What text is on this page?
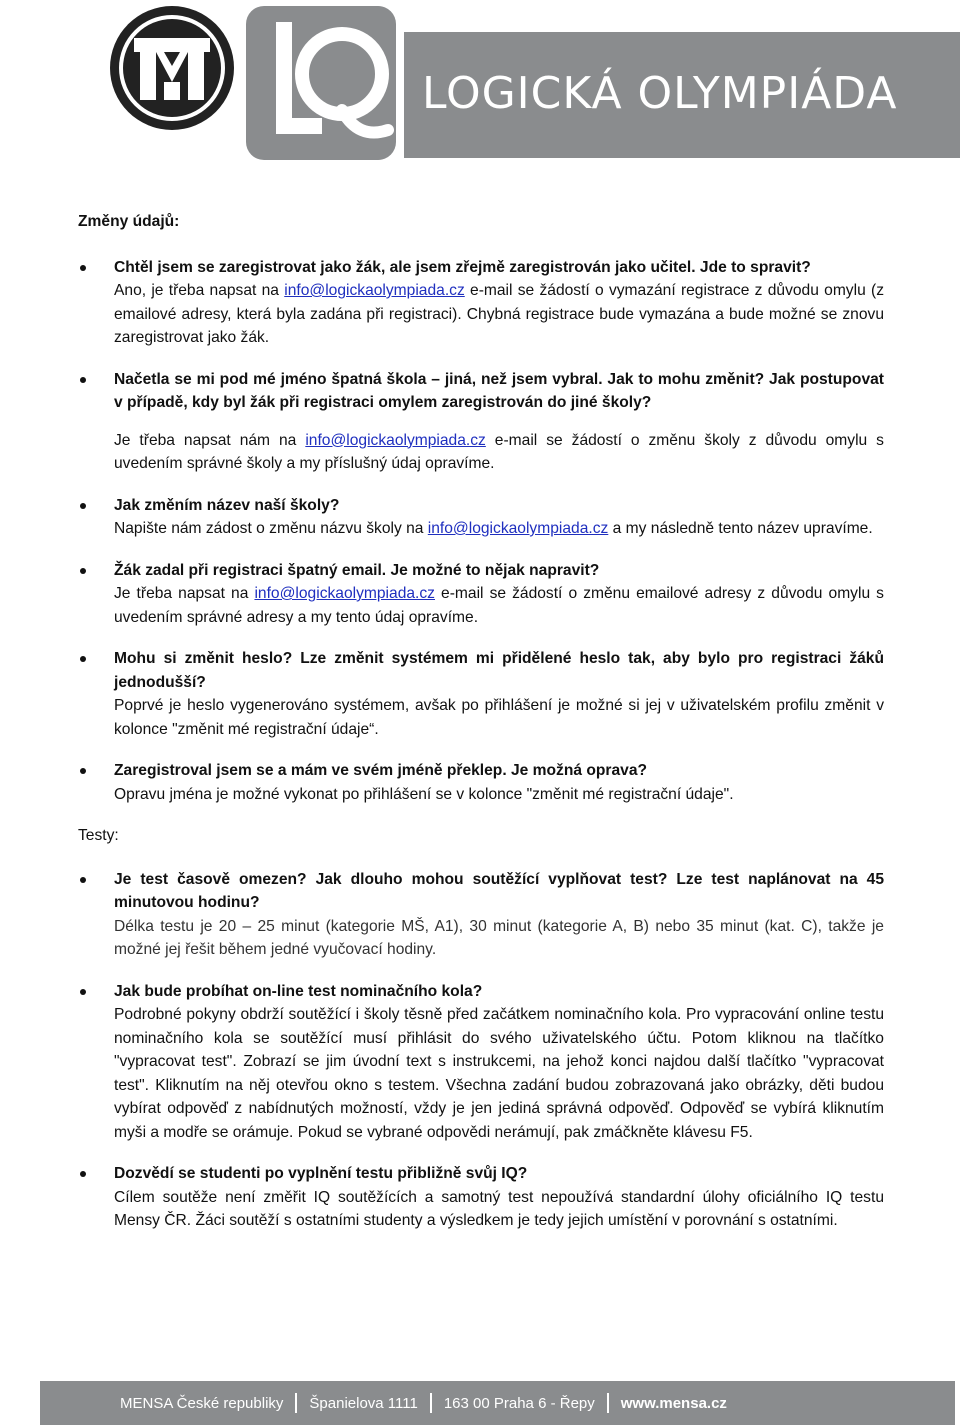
LOGICKÁ OLYMPIÁDA
Změny údajů:
Chtěl jsem se zaregistrovat jako žák, ale jsem zřejmě zaregistrován jako učitel. Jde to spravit?
Ano, je třeba napsat na info@logickaolympiada.cz e-mail se žádostí o vymazání registrace z důvodu omylu (z emailové adresy, která byla zadána při registraci). Chybná registrace bude vymazána a bude možné se znovu zaregistrovat jako žák.
Načetla se mi pod mé jméno špatná škola – jiná, než jsem vybral. Jak to mohu změnit? Jak postupovat v případě, kdy byl žák při registraci omylem zaregistrován do jiné školy?
Je třeba napsat nám na info@logickaolympiada.cz e-mail se žádostí o změnu školy z důvodu omylu s uvedením správné školy a my příslušný údaj opravíme.
Jak změním název naší školy?
Napište nám zádost o změnu názvu školy na info@logickaolympiada.cz a my následně tento název upravíme.
Žák zadal při registraci špatný email. Je možné to nějak napravit?
Je třeba napsat na info@logickaolympiada.cz e-mail se žádostí o změnu emailové adresy z důvodu omylu s uvedením správné adresy a my tento údaj opravíme.
Mohu si změnit heslo? Lze změnit systémem mi přidělené heslo tak, aby bylo pro registraci žáků jednodušší?
Poprvé je heslo vygenerováno systémem, avšak po přihlášení je možné si jej v uživatelském profilu změnit v kolonce "změnit mé registrační údaje“.
Zaregistroval jsem se a mám ve svém jméně překlep. Je možná oprava?
Opravu jména je možné vykonat po přihlášení se v kolonce "změnit mé registrační údaje".
Testy:
Je test časově omezen? Jak dlouho mohou soutěžící vyplňovat test? Lze test naplánovat na 45 minutovou hodinu?
Délka testu je 20 – 25 minut (kategorie MŠ, A1), 30 minut (kategorie A, B) nebo 35 minut (kat. C), takže je možné jej řešit během jedné vyučovací hodiny.
Jak bude probíhat on-line test nominačního kola?
Podrobné pokyny obdrží soutěžící i školy těsně před začátkem nominačního kola. Pro vypracování online testu nominačního kola se soutěžící musí přihlásit do svého uživatelského účtu. Potom kliknou na tlačítko "vypracovat test". Zobrazí se jim úvodní text s instrukcemi, na jehož konci najdou další tlačítko "vypracovat test". Kliknutím na něj otevřou okno s testem. Všechna zadání budou zobrazovaná jako obrázky, děti budou vybírat odpověď z nabídnutých možností, vždy je jen jediná správná odpověď. Odpověď se vybírá kliknutím myši a modře se orámuje. Pokud se vybrané odpovědi nerámují, pak zmáčkněte klávesu F5.
Dozvědí se studenti po vyplnění testu přibližně svůj IQ?
Cílem soutěže není změřit IQ soutěžících a samotný test nepoužívá standardní úlohy oficiálního IQ testu Mensy ČR. Žáci soutěží s ostatními studenty a výsledkem je tedy jejich umístění v porovnání s ostatními.
MENSA České republiky Španielova 1111 163 00 Praha 6 - Řepy www.mensa.cz
